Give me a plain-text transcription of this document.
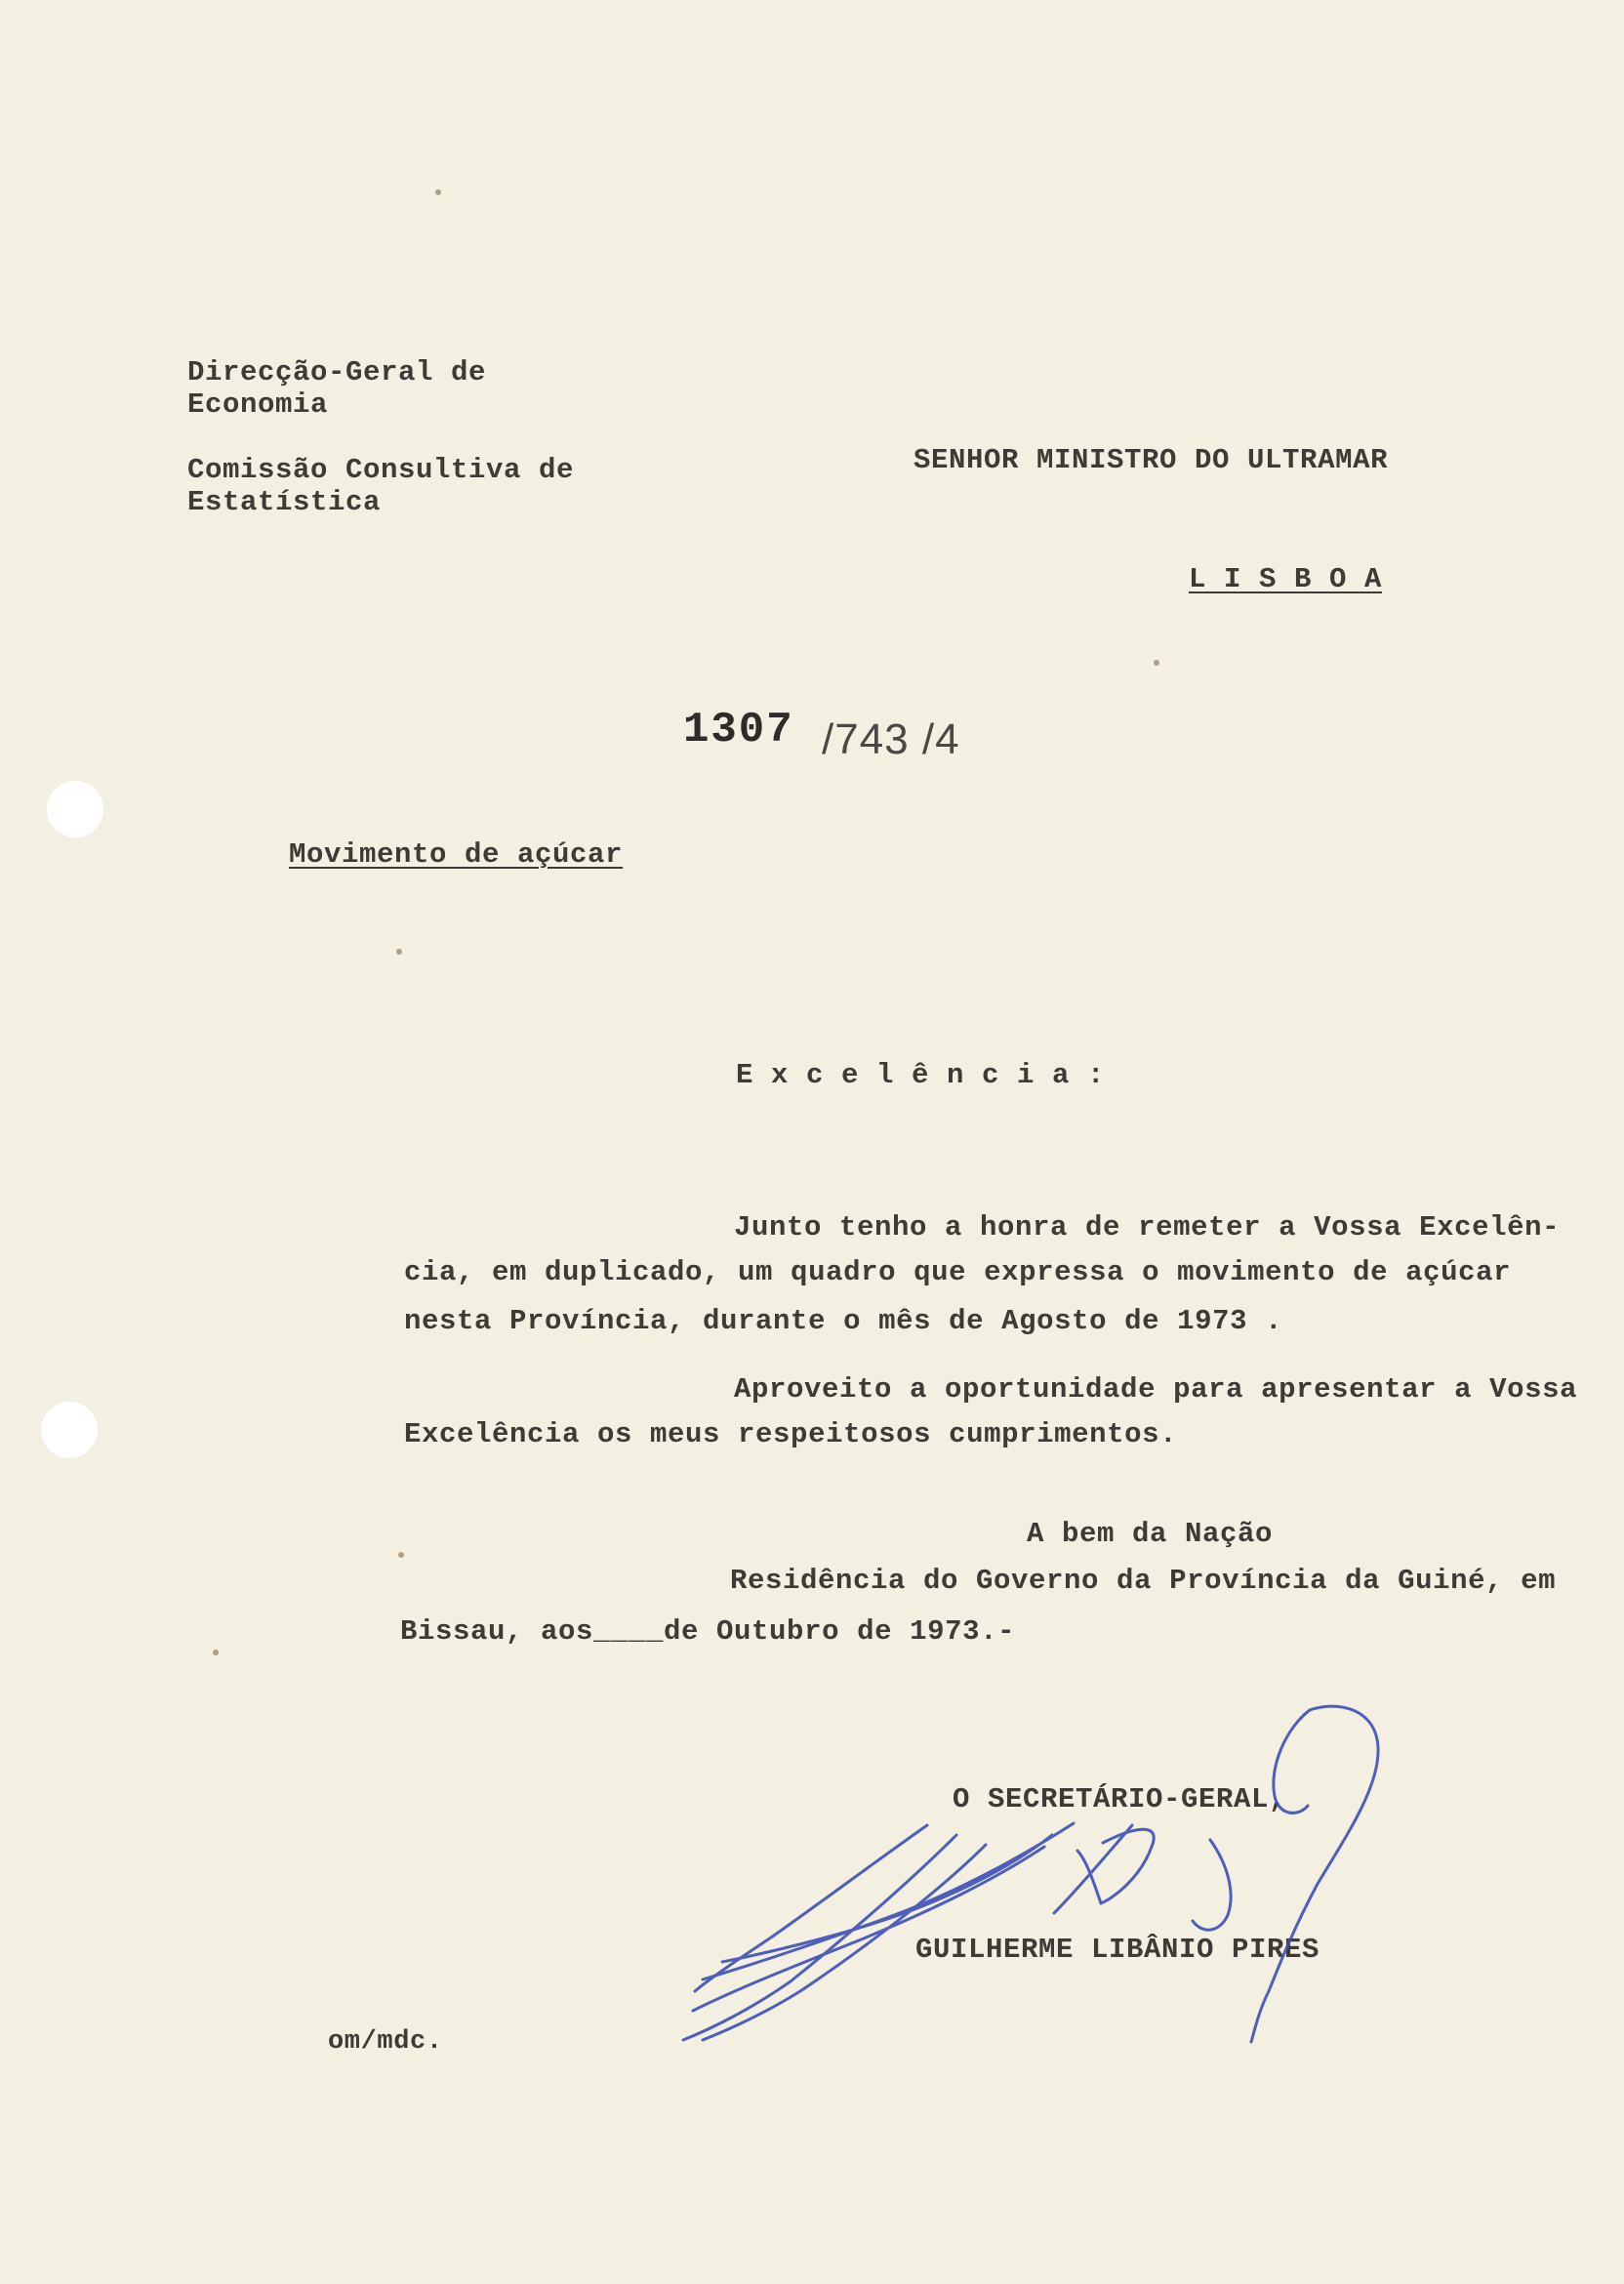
Direcção-Geral de
Economia
Comissão Consultiva de
Estatística
SENHOR MINISTRO DO ULTRAMAR
L I S B O A
1307 /743 /4
Movimento de açúcar
E x c e l ê n c i a :
Junto tenho a honra de remeter a Vossa Excelên-
cia, em duplicado, um quadro que expressa o movimento de açúcar
nesta Província, durante o mês de Agosto de 1973 .
Aproveito a oportunidade para apresentar a Vossa
Excelência os meus respeitosos cumprimentos.
A bem da Nação
Residência do Governo da Província da Guiné, em
Bissau, aos____de Outubro de 1973.-
O SECRETÁRIO-GERAL,
GUILHERME LIBÂNIO PIRES
om/mdc.
